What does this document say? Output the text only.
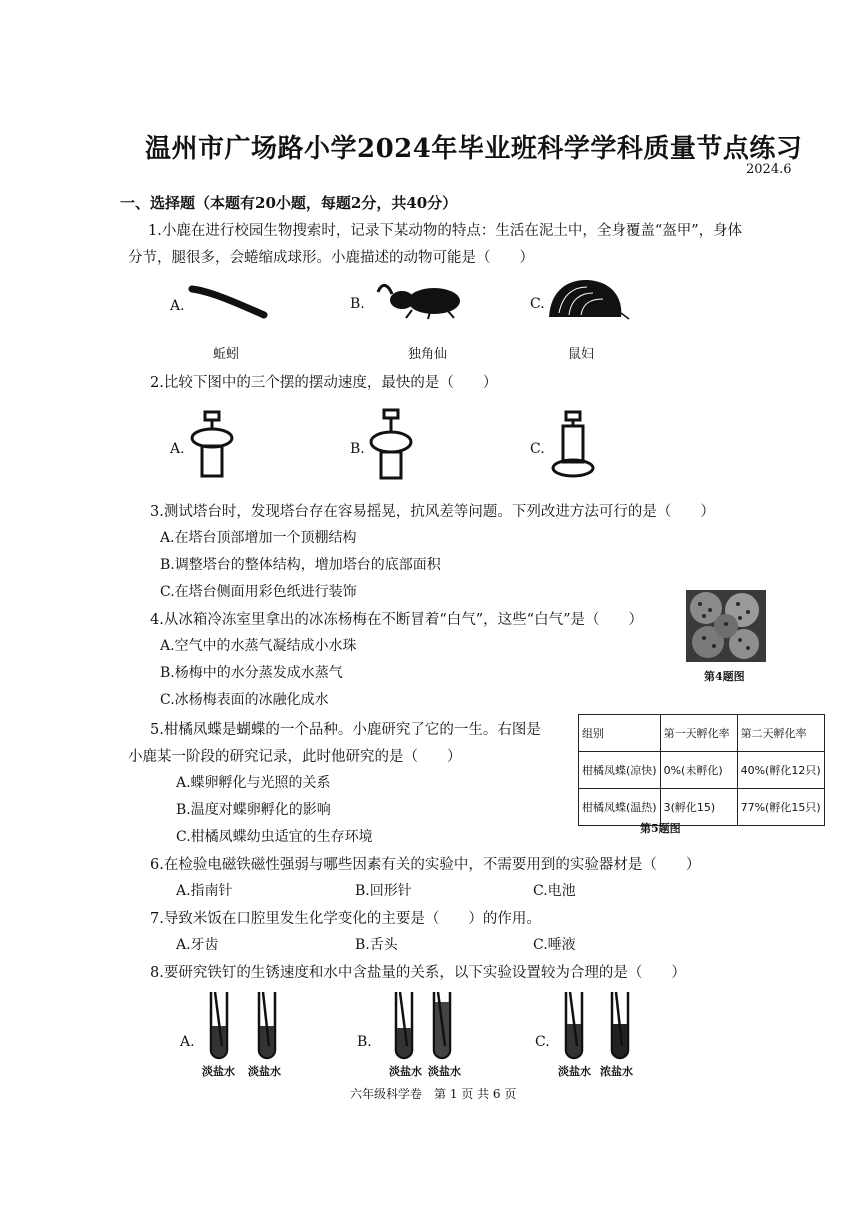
温州市广场路小学2024年毕业班科学学科质量节点练习
2024.6
一、选择题（本题有20小题，每题2分，共40分）
1.小鹿在进行校园生物搜索时，记录下某动物的特点：生活在泥土中，全身覆盖“盔甲”，身体
分节，腿很多，会蜷缩成球形。小鹿描述的动物可能是（　　）
A.
蚯蚓
B.
独角仙
C.
鼠妇
2.比较下图中的三个摆的摆动速度，最快的是（　　）
A.	B.	C.
3.测试塔台时，发现塔台存在容易摇晃，抗风差等问题。下列改进方法可行的是（　　）
A.在塔台顶部增加一个顶棚结构
B.调整塔台的整体结构，增加塔台的底部面积
C.在塔台侧面用彩色纸进行装饰
4.从冰箱冷冻室里拿出的冰冻杨梅在不断冒着“白气”，这些“白气”是（　　）
A.空气中的水蒸气凝结成小水珠
B.杨梅中的水分蒸发成水蒸气
C.冰杨梅表面的冰融化成水
第4题图
5.柑橘凤蝶是蝴蝶的一个品种。小鹿研究了它的一生。右图是
小鹿某一阶段的研究记录，此时他研究的是（　　）
A.蝶卵孵化与光照的关系
B.温度对蝶卵孵化的影响
C.柑橘凤蝶幼虫适宜的生存环境
组别	第一天孵化率	第二天孵化率
柑橘凤蝶(凉快)	0%(未孵化)	40%(孵化12只)
柑橘凤蝶(温热)	3(孵化15)	77%(孵化15只)
第5题图
6.在检验电磁铁磁性强弱与哪些因素有关的实验中，不需要用到的实验器材是（　　）
A.指南针	B.回形针	C.电池
7.导致米饭在口腔里发生化学变化的主要是（　　）的作用。
A.牙齿	B.舌头	C.唾液
8.要研究铁钉的生锈速度和水中含盐量的关系，以下实验设置较为合理的是（　　）
A.
淡盐水 淡盐水
B.
淡盐水 淡盐水
C.
淡盐水 浓盐水
六年级科学卷　第 1 页 共 6 页
